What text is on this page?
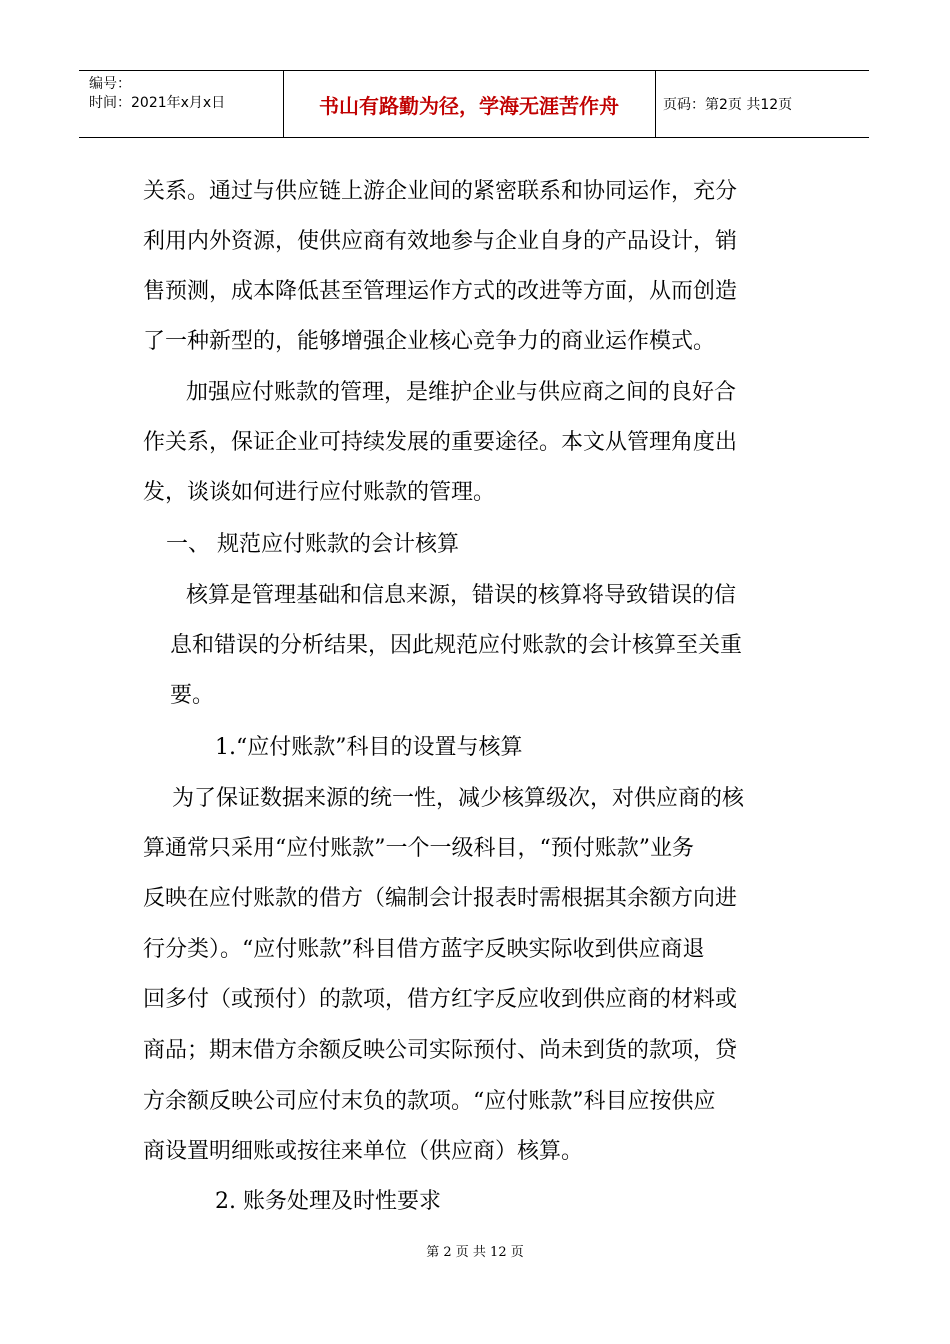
编号：
时间：2021年x月x日	书山有路勤为径，学海无涯苦作舟	页码：第2页 共12页
关系。通过与供应链上游企业间的紧密联系和协同运作，充分
利用内外资源，使供应商有效地参与企业自身的产品设计，销
售预测，成本降低甚至管理运作方式的改进等方面，从而创造
了一种新型的，能够增强企业核心竞争力的商业运作模式。
加强应付账款的管理，是维护企业与供应商之间的良好合
作关系，保证企业可持续发展的重要途径。本文从管理角度出
发，谈谈如何进行应付账款的管理。
一、 规范应付账款的会计核算
核算是管理基础和信息来源，错误的核算将导致错误的信
息和错误的分析结果，因此规范应付账款的会计核算至关重
要。
1.“应付账款”科目的设置与核算
为了保证数据来源的统一性，减少核算级次，对供应商的核
算通常只采用“应付账款”一个一级科目，“预付账款”业务
反映在应付账款的借方（编制会计报表时需根据其余额方向进
行分类）。“应付账款”科目借方蓝字反映实际收到供应商退
回多付（或预付）的款项，借方红字反应收到供应商的材料或
商品；期末借方余额反映公司实际预付、尚未到货的款项，贷
方余额反映公司应付末负的款项。“应付账款”科目应按供应
商设置明细账或按往来单位（供应商）核算。
2. 账务处理及时性要求
第 2 页 共 12 页
